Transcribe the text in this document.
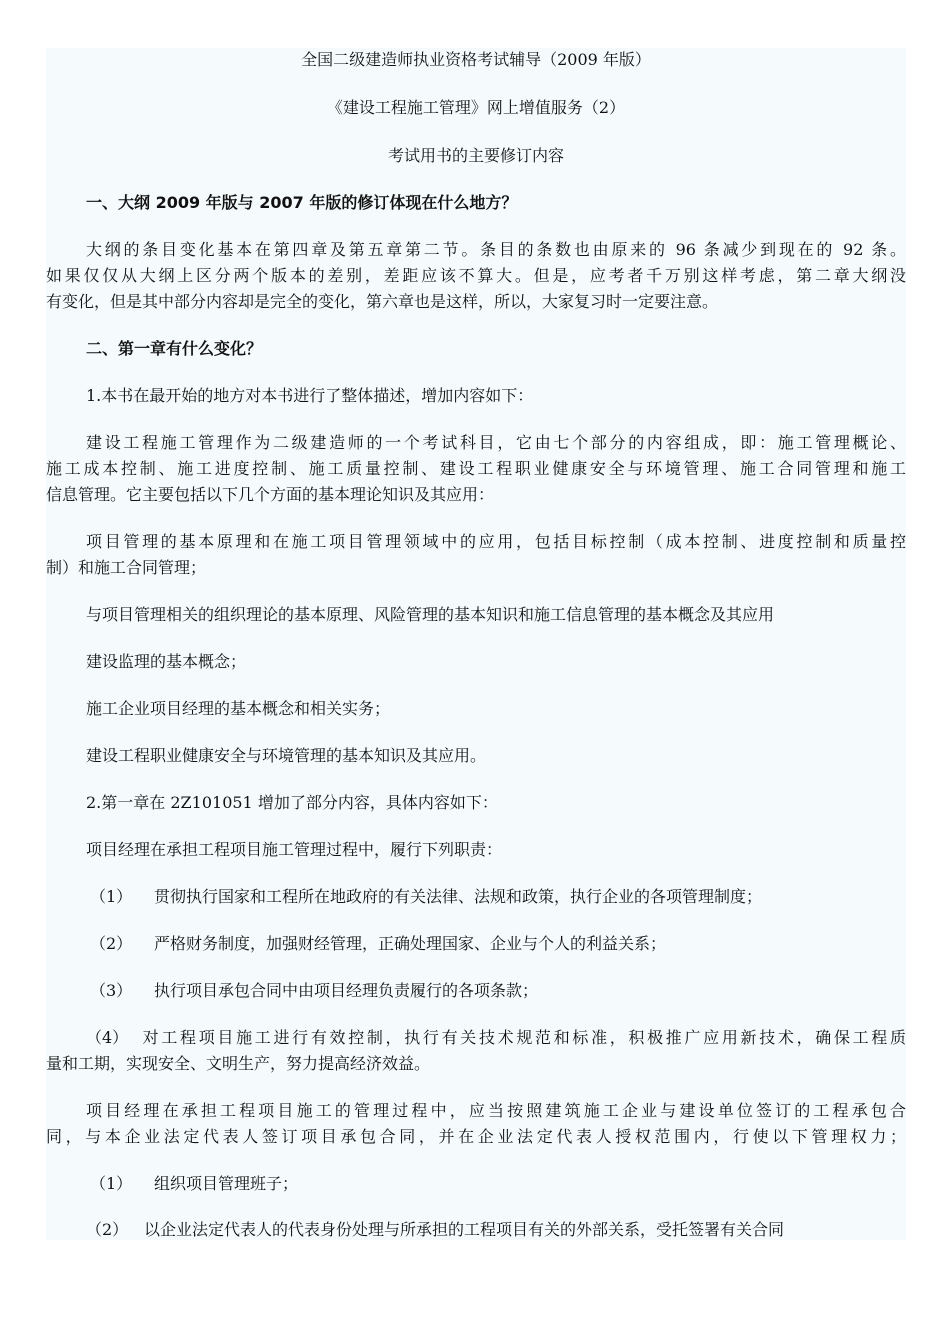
全国二级建造师执业资格考试辅导（2009 年版）
《建设工程施工管理》网上增值服务（2）
考试用书的主要修订内容
一、大纲 2009 年版与 2007 年版的修订体现在什么地方？
大纲的条目变化基本在第四章及第五章第二节。条目的条数也由原来的 96 条减少到现在的 92 条。
如果仅仅从大纲上区分两个版本的差别，差距应该不算大。但是，应考者千万别这样考虑，第二章大纲没
有变化，但是其中部分内容却是完全的变化，第六章也是这样，所以，大家复习时一定要注意。
二、第一章有什么变化？
1.本书在最开始的地方对本书进行了整体描述，增加内容如下：
建设工程施工管理作为二级建造师的一个考试科目，它由七个部分的内容组成，即：施工管理概论、
施工成本控制、施工进度控制、施工质量控制、建设工程职业健康安全与环境管理、施工合同管理和施工
信息管理。它主要包括以下几个方面的基本理论知识及其应用：
项目管理的基本原理和在施工项目管理领域中的应用，包括目标控制（成本控制、进度控制和质量控
制）和施工合同管理；
与项目管理相关的组织理论的基本原理、风险管理的基本知识和施工信息管理的基本概念及其应用
建设监理的基本概念；
施工企业项目经理的基本概念和相关实务；
建设工程职业健康安全与环境管理的基本知识及其应用。
2.第一章在 2Z101051 增加了部分内容，具体内容如下：
项目经理在承担工程项目施工管理过程中，履行下列职责：
（1） 贯彻执行国家和工程所在地政府的有关法律、法规和政策，执行企业的各项管理制度；
（2） 严格财务制度，加强财经管理，正确处理国家、企业与个人的利益关系；
（3） 执行项目承包合同中由项目经理负责履行的各项条款；
（4） 对工程项目施工进行有效控制，执行有关技术规范和标准，积极推广应用新技术，确保工程质
量和工期，实现安全、文明生产，努力提高经济效益。
项目经理在承担工程项目施工的管理过程中，应当按照建筑施工企业与建设单位签订的工程承包合
同，与本企业法定代表人签订项目承包合同，并在企业法定代表人授权范围内，行使以下管理权力；
（1） 组织项目管理班子；
（2） 以企业法定代表人的代表身份处理与所承担的工程项目有关的外部关系，受托签署有关合同
